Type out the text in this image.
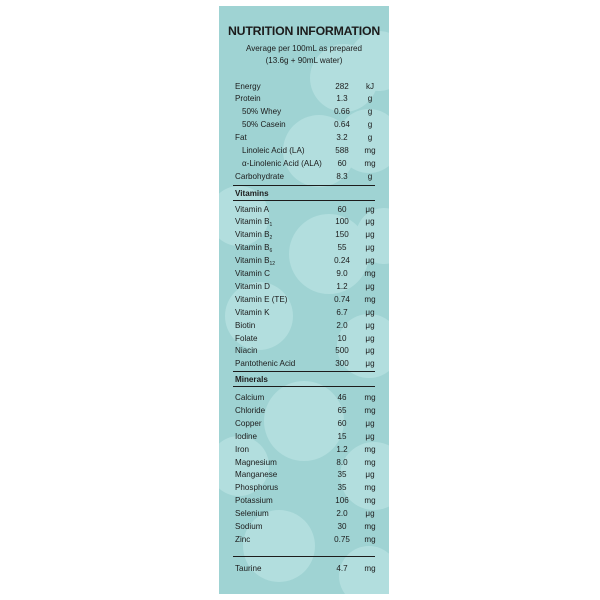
NUTRITION INFORMATION
Average per 100mL as prepared
(13.6g + 90mL water)
Energy	282	kJ
Protein	1.3	g
50% Whey	0.66	g
50% Casein	0.64	g
Fat	3.2	g
Linoleic Acid (LA)	588	mg
α-Linolenic Acid (ALA)	60	mg
Carbohydrate	8.3	g
Vitamins
Vitamin A	60	μg
Vitamin $B_1$	100	μg
Vitamin $B_2$	150	μg
Vitamin $B_6$	55	μg
Vitamin $B_{12}$	0.24	μg
Vitamin C	9.0	mg
Vitamin D	1.2	μg
Vitamin E (TE)	0.74	mg
Vitamin K	6.7	μg
Biotin	2.0	μg
Folate	10	μg
Niacin	500	μg
Pantothenic Acid	300	μg
Minerals
Calcium	46	mg
Chloride	65	mg
Copper	60	μg
Iodine	15	μg
Iron	1.2	mg
Magnesium	8.0	mg
Manganese	35	μg
Phosphorus	35	mg
Potassium	106	mg
Selenium	2.0	μg
Sodium	30	mg
Zinc	0.75	mg
Taurine	4.7	mg
